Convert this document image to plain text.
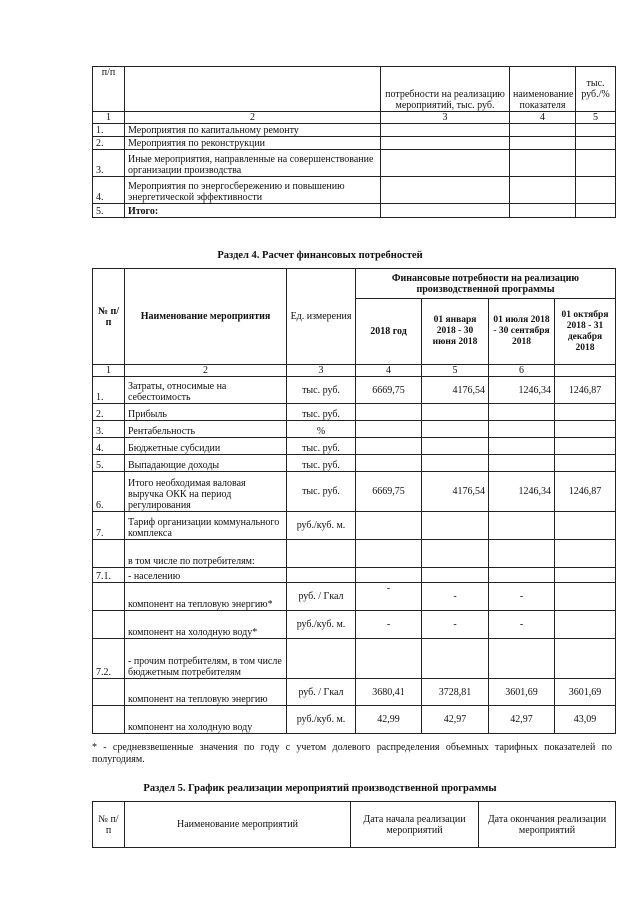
п/п		потребности на реализацию мероприятий, тыс. руб.	наименование показателя	тыс. руб./%
1	2	3	4	5
1.	Мероприятия по капитальному ремонту			
2.	Мероприятия по реконструкции			
3.	Иные мероприятия, направленные на совершенствование организации производства			
4.	Мероприятия по энергосбережению и повышению энергетической эффективности			
5.	Итого:			
Раздел 4. Расчет финансовых потребностей
№ п/п	Наименование мероприятия	Ед. измерения	Финансовые потребности на реализацию производственной программы			
			2018 год	01 января 2018 - 30 июня 2018	01 июля 2018 - 30 сентября 2018	01 октября 2018 - 31 декабря 2018
1	2	3	4	5	6	
1.	Затраты, относимые на себестоимость	тыс. руб.	6669,75	4176,54	1246,34	1246,87
2.	Прибыль	тыс. руб.				
3.	Рентабельность	%				
4.	Бюджетные субсидии	тыс. руб.				
5.	Выпадающие доходы	тыс. руб.				
6.	Итого необходимая валовая выручка ОКК на период регулирования	тыс. руб.	6669,75	4176,54	1246,34	1246,87
7.	Тариф организации коммунального комплекса	руб./куб. м.				
	в том числе по потребителям:					
7.1.	- населению					
	компонент на тепловую энергию*	руб. / Гкал	-	-	-	
	компонент на холодную воду*	руб./куб. м.	-	-	-	
7.2.	- прочим потребителям, в том числе бюджетным потребителям					
	компонент на тепловую энергию	руб. / Гкал	3680,41	3728,81	3601,69	3601,69
	компонент на холодную воду	руб./куб. м.	42,99	42,97	42,97	43,09
* - средневзвешенные значения по году с учетом долевого распределения объемных тарифных показателей по полугодиям.
Раздел 5. График реализации мероприятий производственной программы
№ п/п	Наименование мероприятий	Дата начала реализации мероприятий	Дата окончания реализации мероприятий
